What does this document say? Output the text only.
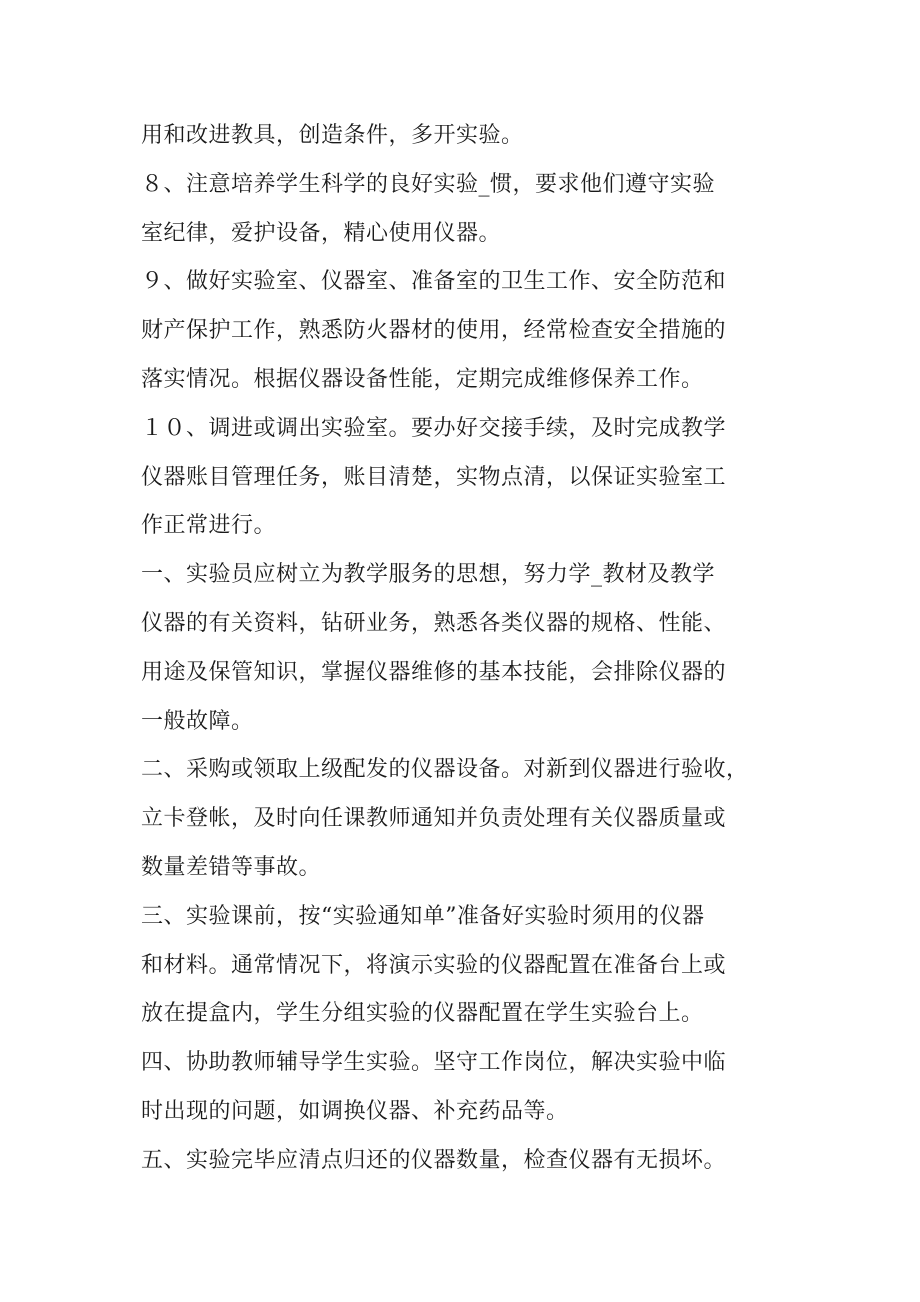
用和改进教具，创造条件，多开实验。
８、注意培养学生科学的良好实验_惯，要求他们遵守实验
室纪律，爱护设备，精心使用仪器。
９、做好实验室、仪器室、准备室的卫生工作、安全防范和
财产保护工作，熟悉防火器材的使用，经常检查安全措施的
落实情况。根据仪器设备性能，定期完成维修保养工作。
１０、调进或调出实验室。要办好交接手续，及时完成教学
仪器账目管理任务，账目清楚，实物点清，以保证实验室工
作正常进行。
一、实验员应树立为教学服务的思想，努力学_教材及教学
仪器的有关资料，钻研业务，熟悉各类仪器的规格、性能、
用途及保管知识，掌握仪器维修的基本技能，会排除仪器的
一般故障。
二、采购或领取上级配发的仪器设备。对新到仪器进行验收，
立卡登帐，及时向任课教师通知并负责处理有关仪器质量或
数量差错等事故。
三、实验课前，按“实验通知单”准备好实验时须用的仪器
和材料。通常情况下，将演示实验的仪器配置在准备台上或
放在提盒内，学生分组实验的仪器配置在学生实验台上。
四、协助教师辅导学生实验。坚守工作岗位，解决实验中临
时出现的问题，如调换仪器、补充药品等。
五、实验完毕应清点归还的仪器数量，检查仪器有无损坏。
